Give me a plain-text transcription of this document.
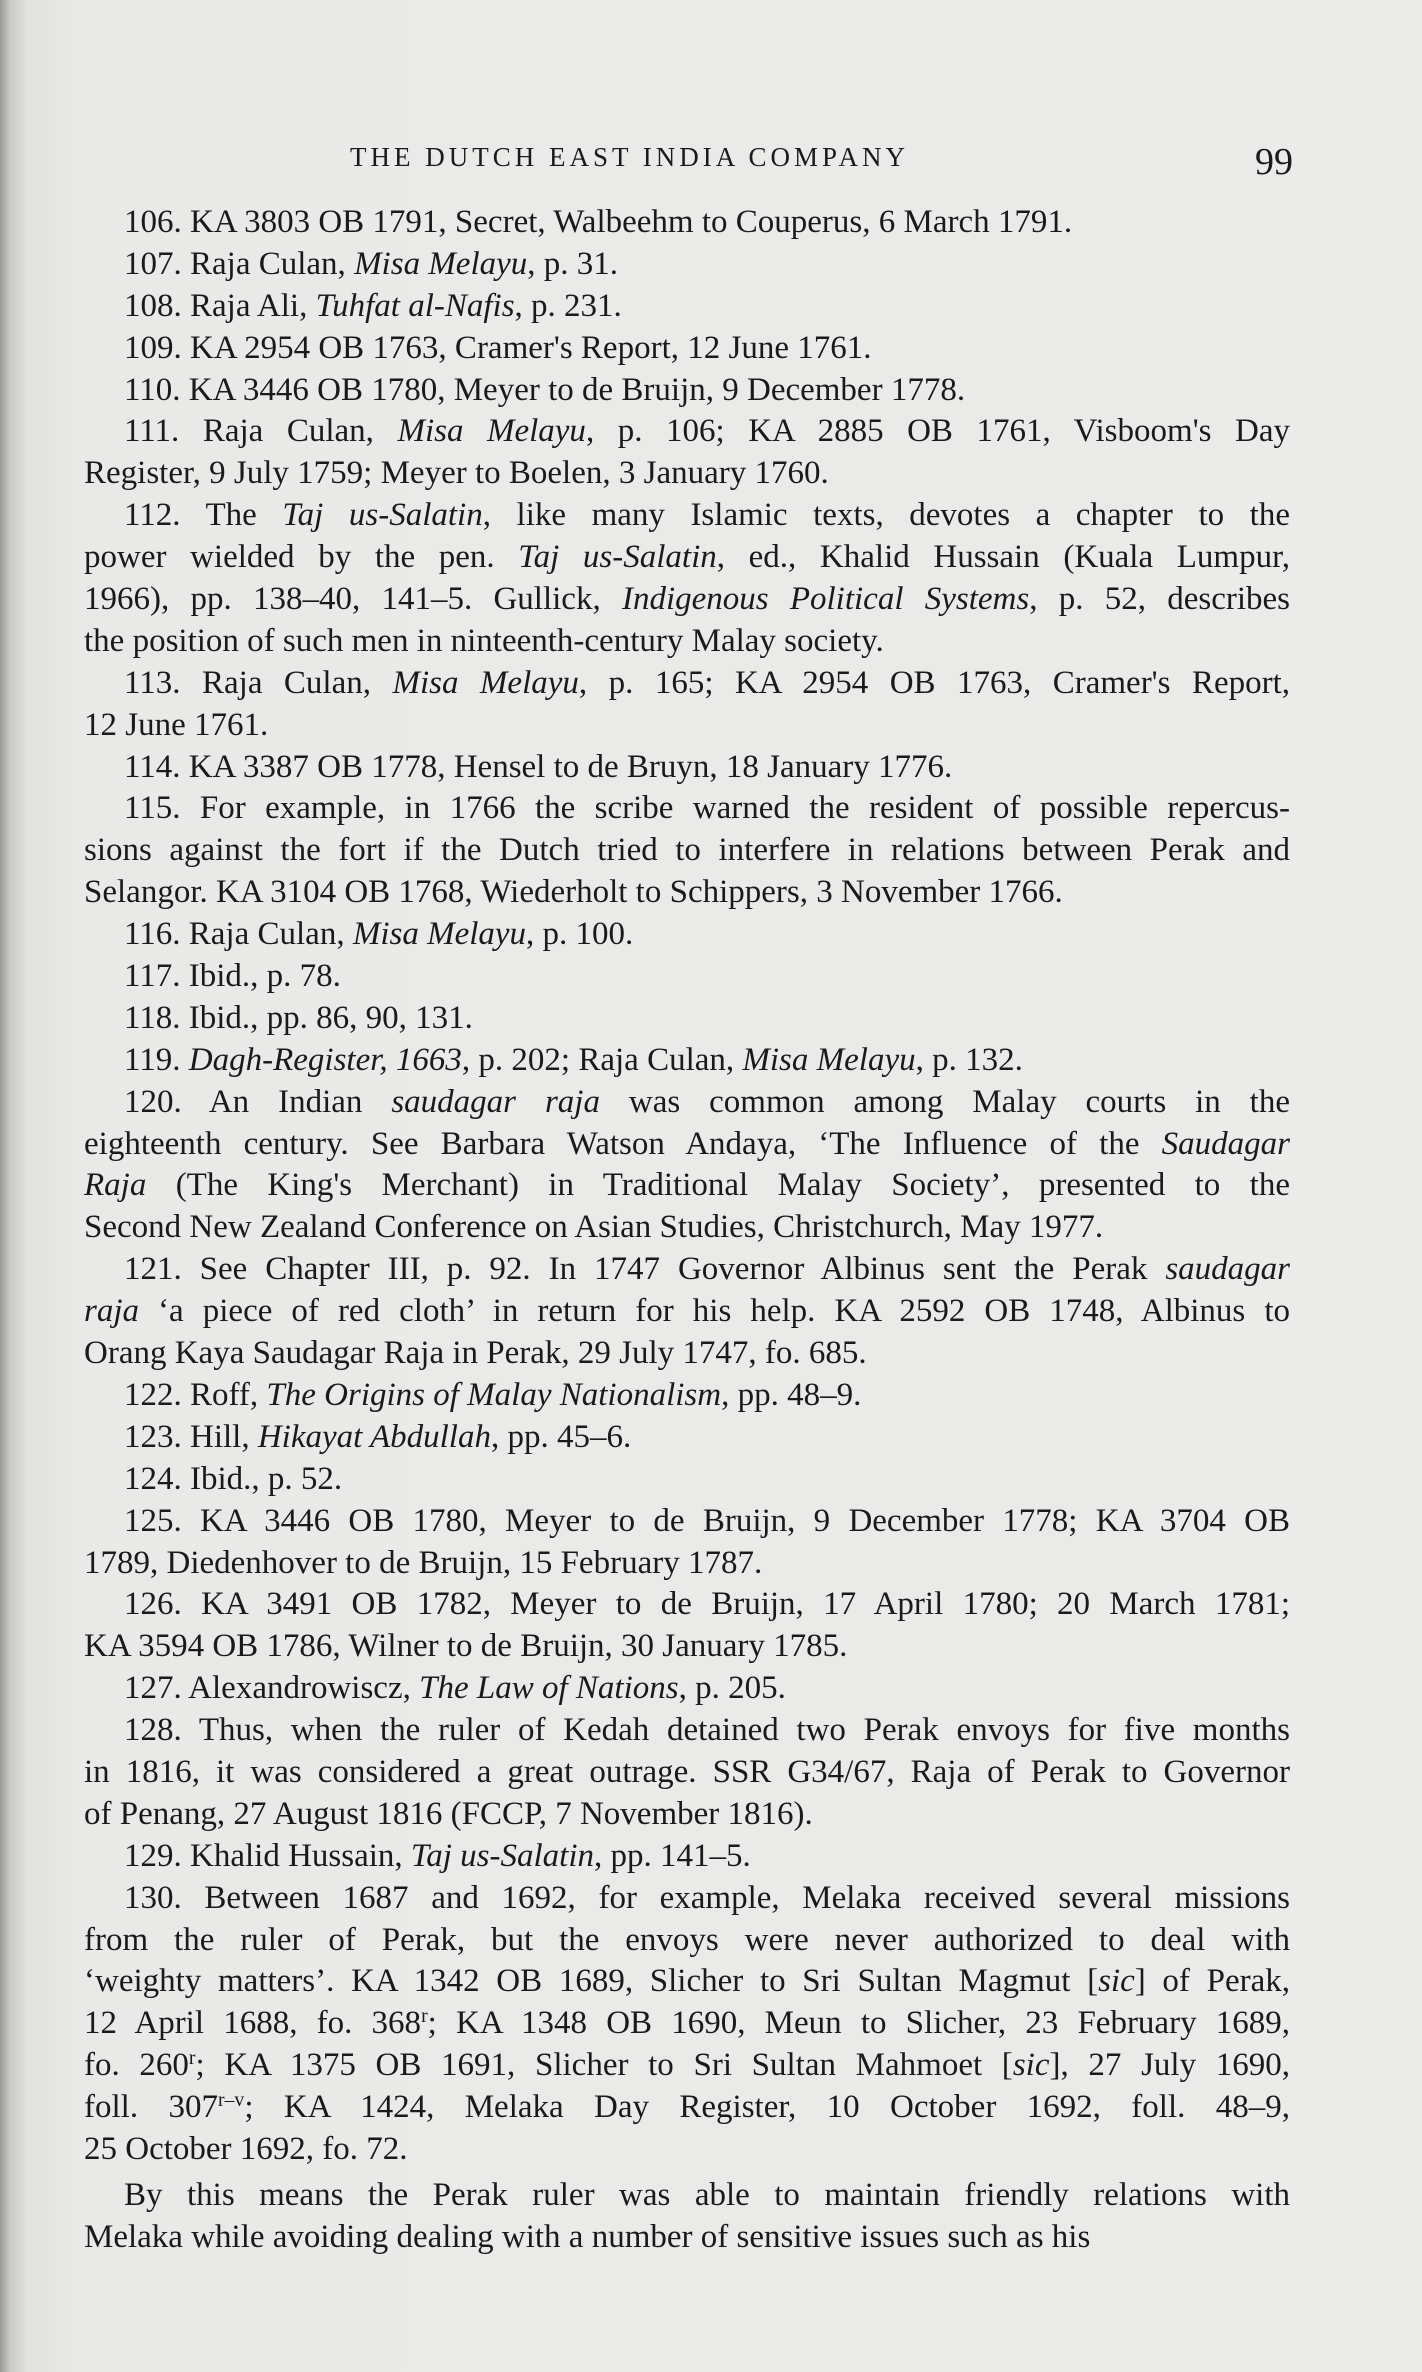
THE DUTCH EAST INDIA COMPANY	99
106. KA 3803 OB 1791, Secret, Walbeehm to Couperus, 6 March 1791.
107. Raja Culan, Misa Melayu, p. 31.
108. Raja Ali, Tuhfat al-Nafis, p. 231.
109. KA 2954 OB 1763, Cramer's Report, 12 June 1761.
110. KA 3446 OB 1780, Meyer to de Bruijn, 9 December 1778.
111. Raja Culan, Misa Melayu, p. 106; KA 2885 OB 1761, Visboom's Day
Register, 9 July 1759; Meyer to Boelen, 3 January 1760.
112. The Taj us-Salatin, like many Islamic texts, devotes a chapter to the
power wielded by the pen. Taj us-Salatin, ed., Khalid Hussain (Kuala Lumpur,
1966), pp. 138–40, 141–5. Gullick, Indigenous Political Systems, p. 52, describes
the position of such men in ninteenth-century Malay society.
113. Raja Culan, Misa Melayu, p. 165; KA 2954 OB 1763, Cramer's Report,
12 June 1761.
114. KA 3387 OB 1778, Hensel to de Bruyn, 18 January 1776.
115. For example, in 1766 the scribe warned the resident of possible repercus-
sions against the fort if the Dutch tried to interfere in relations between Perak and
Selangor. KA 3104 OB 1768, Wiederholt to Schippers, 3 November 1766.
116. Raja Culan, Misa Melayu, p. 100.
117. Ibid., p. 78.
118. Ibid., pp. 86, 90, 131.
119. Dagh-Register, 1663, p. 202; Raja Culan, Misa Melayu, p. 132.
120. An Indian saudagar raja was common among Malay courts in the
eighteenth century. See Barbara Watson Andaya, ‘The Influence of the Saudagar
Raja (The King's Merchant) in Traditional Malay Society’, presented to the
Second New Zealand Conference on Asian Studies, Christchurch, May 1977.
121. See Chapter III, p. 92. In 1747 Governor Albinus sent the Perak saudagar
raja ‘a piece of red cloth’ in return for his help. KA 2592 OB 1748, Albinus to
Orang Kaya Saudagar Raja in Perak, 29 July 1747, fo. 685.
122. Roff, The Origins of Malay Nationalism, pp. 48–9.
123. Hill, Hikayat Abdullah, pp. 45–6.
124. Ibid., p. 52.
125. KA 3446 OB 1780, Meyer to de Bruijn, 9 December 1778; KA 3704 OB
1789, Diedenhover to de Bruijn, 15 February 1787.
126. KA 3491 OB 1782, Meyer to de Bruijn, 17 April 1780; 20 March 1781;
KA 3594 OB 1786, Wilner to de Bruijn, 30 January 1785.
127. Alexandrowiscz, The Law of Nations, p. 205.
128. Thus, when the ruler of Kedah detained two Perak envoys for five months
in 1816, it was considered a great outrage. SSR G34/67, Raja of Perak to Governor
of Penang, 27 August 1816 (FCCP, 7 November 1816).
129. Khalid Hussain, Taj us-Salatin, pp. 141–5.
130. Between 1687 and 1692, for example, Melaka received several missions
from the ruler of Perak, but the envoys were never authorized to deal with
‘weighty matters’. KA 1342 OB 1689, Slicher to Sri Sultan Magmut [sic] of Perak,
12 April 1688, fo. 368$^r$; KA 1348 OB 1690, Meun to Slicher, 23 February 1689,
fo. 260$^r$; KA 1375 OB 1691, Slicher to Sri Sultan Mahmoet [sic], 27 July 1690,
foll. 307$^{r-v}$; KA 1424, Melaka Day Register, 10 October 1692, foll. 48–9,
25 October 1692, fo. 72.
By this means the Perak ruler was able to maintain friendly relations with
Melaka while avoiding dealing with a number of sensitive issues such as his
